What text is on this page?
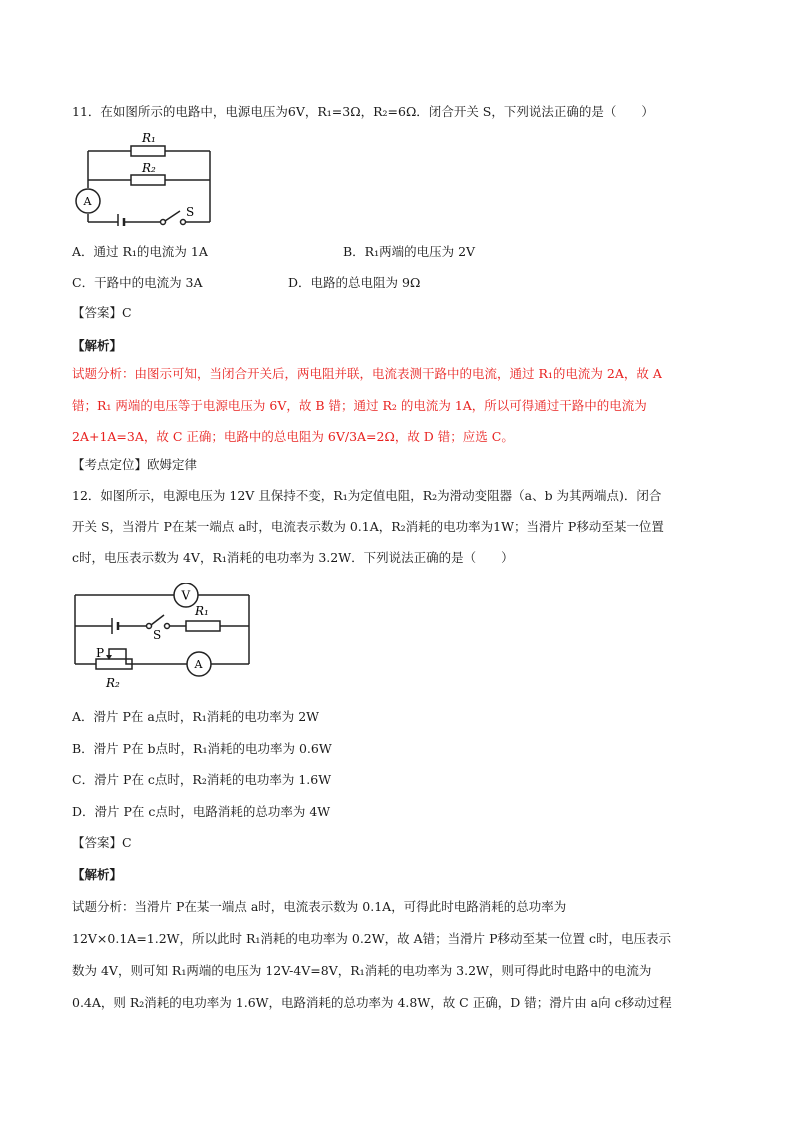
11．在如图所示的电路中，电源电压为6V，R₁=3Ω，R₂=6Ω．闭合开关 S，下列说法正确的是（　　）
R₁
R₂
A
S
A．通过 R₁的电流为 1A	B．R₁两端的电压为 2V
C．干路中的电流为 3A	D．电路的总电阻为 9Ω
【答案】C
【解析】
试题分析：由图示可知，当闭合开关后，两电阻并联，电流表测干路中的电流，通过 R₁的电流为 2A，故 A
错；R₁ 两端的电压等于电源电压为 6V，故 B 错；通过 R₂ 的电流为 1A，所以可得通过干路中的电流为
2A+1A=3A，故 C 正确；电路中的总电阻为 6V/3A=2Ω，故 D 错；应选 C。
【考点定位】欧姆定律
12．如图所示，电源电压为 12V 且保持不变，R₁为定值电阻，R₂为滑动变阻器（a、b 为其两端点)．闭合
开关 S，当滑片 P在某一端点 a时，电流表示数为 0.1A，R₂消耗的电功率为1W；当滑片 P移动至某一位置
c时，电压表示数为 4V，R₁消耗的电功率为 3.2W．下列说法正确的是（　　）
V
R₁
S
P
R₂
A
A．滑片 P在 a点时，R₁消耗的电功率为 2W
B．滑片 P在 b点时，R₁消耗的电功率为 0.6W
C．滑片 P在 c点时，R₂消耗的电功率为 1.6W
D．滑片 P在 c点时，电路消耗的总功率为 4W
【答案】C
【解析】
试题分析：当滑片 P在某一端点 a时，电流表示数为 0.1A，可得此时电路消耗的总功率为
12V×0.1A=1.2W，所以此时 R₁消耗的电功率为 0.2W，故 A错；当滑片 P移动至某一位置 c时，电压表示
数为 4V，则可知 R₁两端的电压为 12V-4V=8V，R₁消耗的电功率为 3.2W，则可得此时电路中的电流为
0.4A，则 R₂消耗的电功率为 1.6W，电路消耗的总功率为 4.8W，故 C 正确，D 错；滑片由 a向 c移动过程
